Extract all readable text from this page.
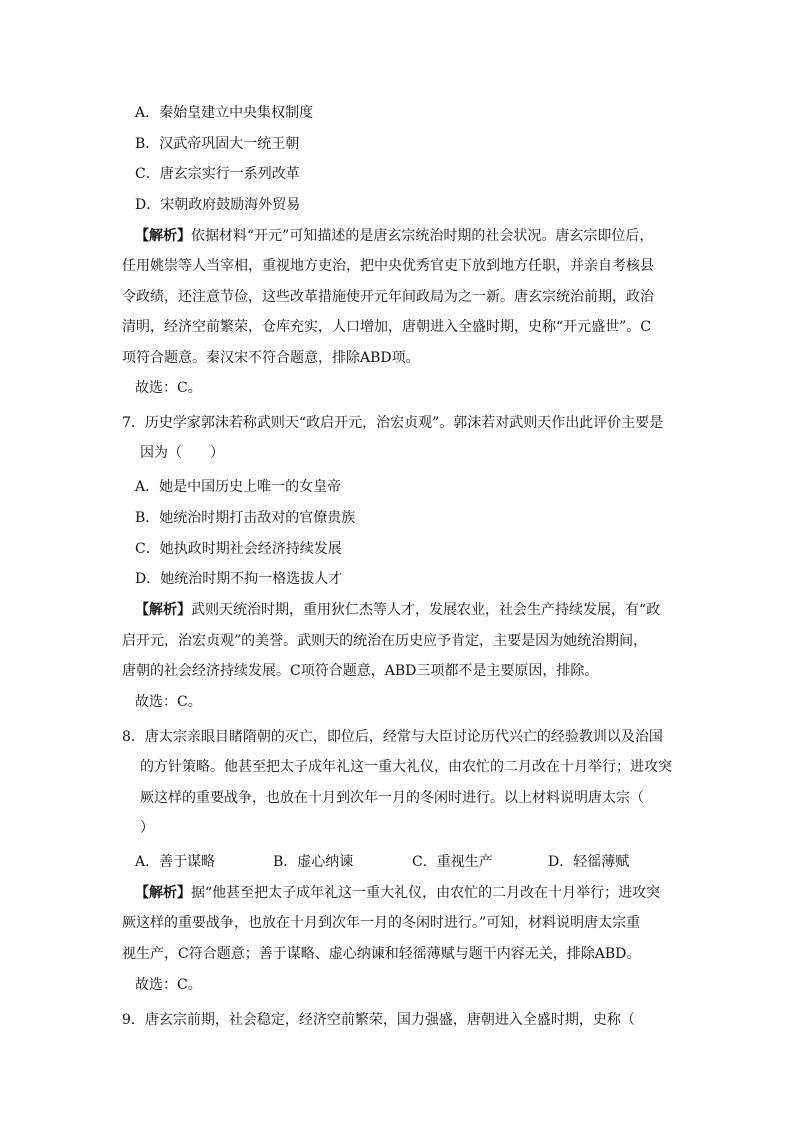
A．秦始皇建立中央集权制度
B．汉武帝巩固大一统王朝
C．唐玄宗实行一系列改革
D．宋朝政府鼓励海外贸易
【解析】依据材料“开元”可知描述的是唐玄宗统治时期的社会状况。唐玄宗即位后，
任用姚崇等人当宰相，重视地方吏治，把中央优秀官吏下放到地方任职，并亲自考核县
令政绩，还注意节俭，这些改革措施使开元年间政局为之一新。唐玄宗统治前期，政治
清明，经济空前繁荣，仓库充实，人口增加，唐朝进入全盛时期，史称“开元盛世”。C
项符合题意。秦汉宋不符合题意，排除ABD项。
故选：C。
7．历史学家郭沫若称武则天“政启开元，治宏贞观”。郭沫若对武则天作出此评价主要是
因为（　　）
A．她是中国历史上唯一的女皇帝
B．她统治时期打击敌对的官僚贵族
C．她执政时期社会经济持续发展
D．她统治时期不拘一格选拔人才
【解析】武则天统治时期，重用狄仁杰等人才，发展农业，社会生产持续发展，有“政
启开元，治宏贞观”的美誉。武则天的统治在历史应予肯定，主要是因为她统治期间，
唐朝的社会经济持续发展。C项符合题意，ABD三项都不是主要原因，排除。
故选：C。
8．唐太宗亲眼目睹隋朝的灭亡，即位后，经常与大臣讨论历代兴亡的经验教训以及治国
的方针策略。他甚至把太子成年礼这一重大礼仪，由农忙的二月改在十月举行；进攻突
厥这样的重要战争，也放在十月到次年一月的冬闲时进行。以上材料说明唐太宗（
）
A．善于谋略	B．虚心纳谏	C．重视生产	D．轻徭薄赋
【解析】据“他甚至把太子成年礼这一重大礼仪，由农忙的二月改在十月举行；进攻突
厥这样的重要战争，也放在十月到次年一月的冬闲时进行。”可知，材料说明唐太宗重
视生产，C符合题意；善于谋略、虚心纳谏和轻徭薄赋与题干内容无关，排除ABD。
故选：C。
9．唐玄宗前期，社会稳定，经济空前繁荣，国力强盛，唐朝进入全盛时期，史称（
